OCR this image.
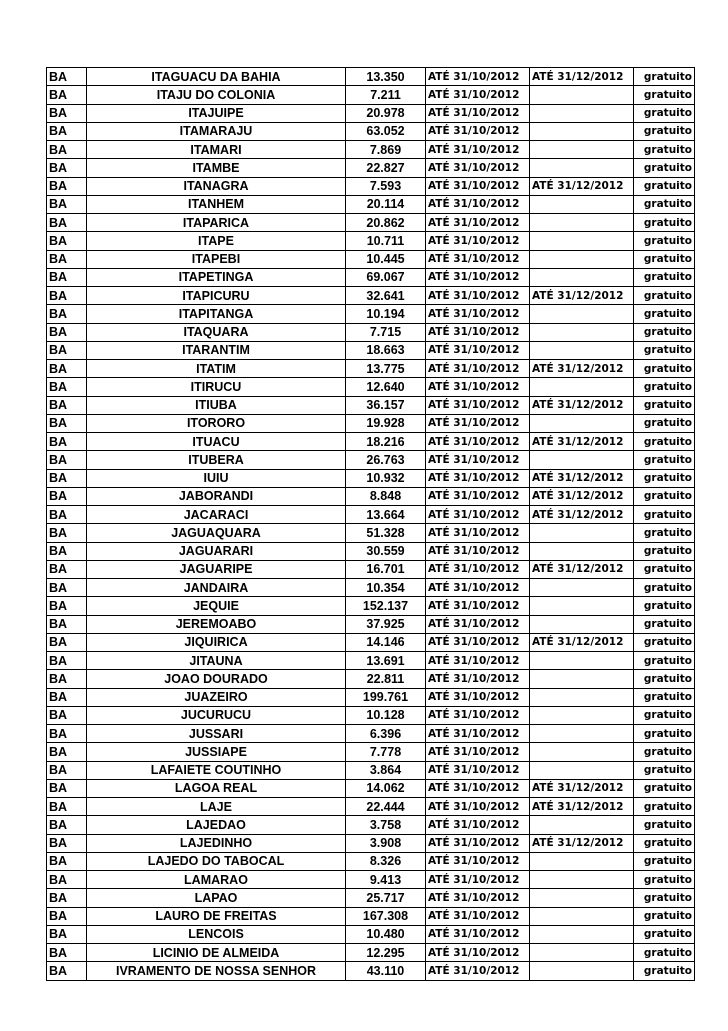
BA	ITAGUACU DA BAHIA	13.350	ATÉ 31/10/2012	ATÉ 31/12/2012	gratuito
BA	ITAJU DO COLONIA	7.211	ATÉ 31/10/2012		gratuito
BA	ITAJUIPE	20.978	ATÉ 31/10/2012		gratuito
BA	ITAMARAJU	63.052	ATÉ 31/10/2012		gratuito
BA	ITAMARI	7.869	ATÉ 31/10/2012		gratuito
BA	ITAMBE	22.827	ATÉ 31/10/2012		gratuito
BA	ITANAGRA	7.593	ATÉ 31/10/2012	ATÉ 31/12/2012	gratuito
BA	ITANHEM	20.114	ATÉ 31/10/2012		gratuito
BA	ITAPARICA	20.862	ATÉ 31/10/2012		gratuito
BA	ITAPE	10.711	ATÉ 31/10/2012		gratuito
BA	ITAPEBI	10.445	ATÉ 31/10/2012		gratuito
BA	ITAPETINGA	69.067	ATÉ 31/10/2012		gratuito
BA	ITAPICURU	32.641	ATÉ 31/10/2012	ATÉ 31/12/2012	gratuito
BA	ITAPITANGA	10.194	ATÉ 31/10/2012		gratuito
BA	ITAQUARA	7.715	ATÉ 31/10/2012		gratuito
BA	ITARANTIM	18.663	ATÉ 31/10/2012		gratuito
BA	ITATIM	13.775	ATÉ 31/10/2012	ATÉ 31/12/2012	gratuito
BA	ITIRUCU	12.640	ATÉ 31/10/2012		gratuito
BA	ITIUBA	36.157	ATÉ 31/10/2012	ATÉ 31/12/2012	gratuito
BA	ITORORO	19.928	ATÉ 31/10/2012		gratuito
BA	ITUACU	18.216	ATÉ 31/10/2012	ATÉ 31/12/2012	gratuito
BA	ITUBERA	26.763	ATÉ 31/10/2012		gratuito
BA	IUIU	10.932	ATÉ 31/10/2012	ATÉ 31/12/2012	gratuito
BA	JABORANDI	8.848	ATÉ 31/10/2012	ATÉ 31/12/2012	gratuito
BA	JACARACI	13.664	ATÉ 31/10/2012	ATÉ 31/12/2012	gratuito
BA	JAGUAQUARA	51.328	ATÉ 31/10/2012		gratuito
BA	JAGUARARI	30.559	ATÉ 31/10/2012		gratuito
BA	JAGUARIPE	16.701	ATÉ 31/10/2012	ATÉ 31/12/2012	gratuito
BA	JANDAIRA	10.354	ATÉ 31/10/2012		gratuito
BA	JEQUIE	152.137	ATÉ 31/10/2012		gratuito
BA	JEREMOABO	37.925	ATÉ 31/10/2012		gratuito
BA	JIQUIRICA	14.146	ATÉ 31/10/2012	ATÉ 31/12/2012	gratuito
BA	JITAUNA	13.691	ATÉ 31/10/2012		gratuito
BA	JOAO DOURADO	22.811	ATÉ 31/10/2012		gratuito
BA	JUAZEIRO	199.761	ATÉ 31/10/2012		gratuito
BA	JUCURUCU	10.128	ATÉ 31/10/2012		gratuito
BA	JUSSARI	6.396	ATÉ 31/10/2012		gratuito
BA	JUSSIAPE	7.778	ATÉ 31/10/2012		gratuito
BA	LAFAIETE COUTINHO	3.864	ATÉ 31/10/2012		gratuito
BA	LAGOA REAL	14.062	ATÉ 31/10/2012	ATÉ 31/12/2012	gratuito
BA	LAJE	22.444	ATÉ 31/10/2012	ATÉ 31/12/2012	gratuito
BA	LAJEDAO	3.758	ATÉ 31/10/2012		gratuito
BA	LAJEDINHO	3.908	ATÉ 31/10/2012	ATÉ 31/12/2012	gratuito
BA	LAJEDO DO TABOCAL	8.326	ATÉ 31/10/2012		gratuito
BA	LAMARAO	9.413	ATÉ 31/10/2012		gratuito
BA	LAPAO	25.717	ATÉ 31/10/2012		gratuito
BA	LAURO DE FREITAS	167.308	ATÉ 31/10/2012		gratuito
BA	LENCOIS	10.480	ATÉ 31/10/2012		gratuito
BA	LICINIO DE ALMEIDA	12.295	ATÉ 31/10/2012		gratuito
BA	IVRAMENTO DE NOSSA SENHOR	43.110	ATÉ 31/10/2012		gratuito
